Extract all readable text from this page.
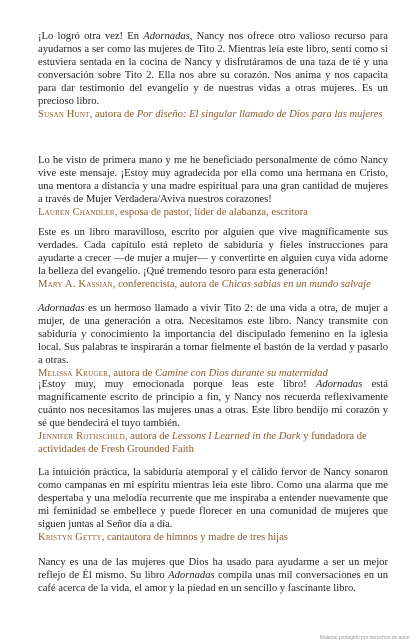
¡Lo logró otra vez! En Adornadas, Nancy nos ofrece otro valioso recurso para ayudarnos a ser como las mujeres de Tito 2. Mientras leía este libro, sentí como si estuviera sentada en la cocina de Nancy y disfrutáramos de una taza de té y una conversación sobre Tito 2. Ella nos abre su corazón. Nos anima y nos capacita para dar testimonio del evangelio y de nuestras vidas a otras mujeres. Es un precioso libro.

Susan Hunt, autora de Por diseño: El singular llamado de Dios para las mujeres

Lo he visto de primera mano y me he beneficiado personalmente de cómo Nancy vive este mensaje. ¡Estoy muy agradecida por ella como una hermana en Cristo, una mentora a distancia y una madre espiritual para una gran cantidad de mujeres a través de Mujer Verdadera/Aviva nuestros corazones!

Lauren Chandler, esposa de pastor, líder de alabanza, escritora

Este es un libro maravilloso, escrito por alguien que vive magníficamente sus verdades. Cada capítulo está repleto de sabiduría y fieles instrucciones para ayudarte a crecer —de mujer a mujer— y convertirte en alguien cuya vida adorne la belleza del evangelio. ¡Qué tremendo tesoro para esta generación!

Mary A. Kassian, conferencista, autora de Chicas sabias en un mundo salvaje

Adornadas es un hermoso llamado a vivir Tito 2: de una vida a otra, de mujer a mujer, de una generación a otra. Necesitamos este libro. Nancy transmite con sabiduría y conocimiento la importancia del discipulado femenino en la iglesia local. Sus palabras te inspirarán a tomar fielmente el bastón de la verdad y pasarlo a otras.

Melissa Kruger, autora de Camine con Dios durante su maternidad

¡Estoy muy, muy emocionada porque leas este libro! Adornadas está magníficamente escrito de principio a fin, y Nancy nos recuerda reflexivamente cuánto nos necesitamos las mujeres unas a otras. Este libro bendijo mi corazón y sé que bendecirá el tuyo también.

Jennifer Rothschild, autora de Lessons I Learned in the Dark y fundadora de actividades de Fresh Grounded Faith

La intuición práctica, la sabiduría atemporal y el cálido fervor de Nancy sonaron como campanas en mi espíritu mientras leía este libro. Como una alarma que me despertaba y una melodía recurrente que me inspiraba a entender nuevamente que mi feminidad se embellece y puede florecer en una comunidad de mujeres que siguen juntas al Señor día a día.

Kristyn Getty, cantautora de himnos y madre de tres hijas

Nancy es una de las mujeres que Dios ha usado para ayudarme a ser un mejor reflejo de Él mismo. Su libro Adornadas compila unas mil conversaciones en un café acerca de la vida, el amor y la piedad en un sencillo y fascinante libro.

Material protegido por derechos de autor
